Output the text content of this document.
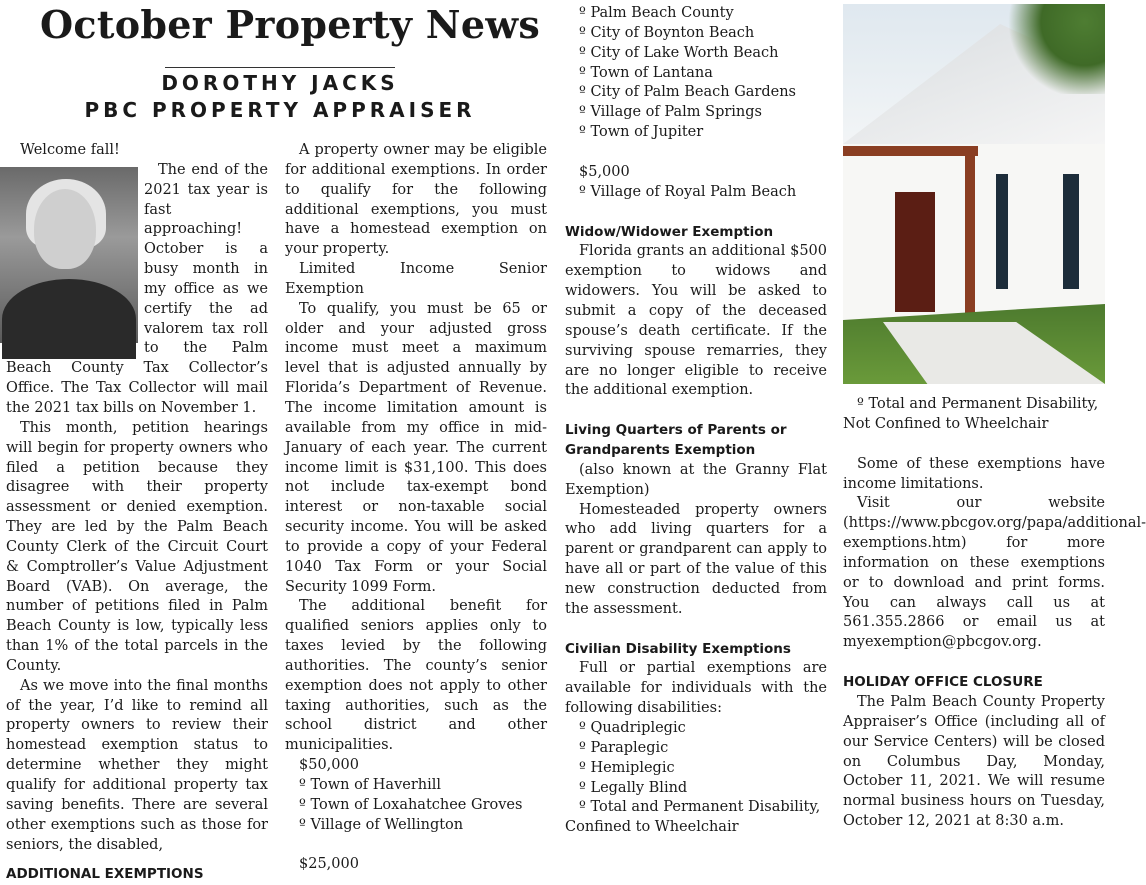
October Property News
DOROTHY JACKS
PBC PROPERTY APPRAISER

Welcome fall!

The end of the 2021 tax year is fast approaching! October is a busy month in my office as we certify the ad valorem tax roll to the Palm Beach County Tax Collector’s Office. The Tax Collector will mail the 2021 tax bills on November 1.

This month, petition hearings will begin for property owners who filed a petition because they disagree with their property assessment or denied exemption. They are led by the Palm Beach County Clerk of the Circuit Court & Comptroller’s Value Adjustment Board (VAB). On average, the number of petitions filed in Palm Beach County is low, typically less than 1% of the total parcels in the County.

As we move into the final months of the year, I’d like to remind all property owners to review their homestead exemption status to determine whether they might qualify for additional property tax saving benefits. There are several other exemptions such as those for seniors, the disabled,

ADDITIONAL EXEMPTIONS

A property owner may be eligible for additional exemptions. In order to qualify for the following additional exemptions, you must have a homestead exemption on your property.

Limited Income Senior Exemption

To qualify, you must be 65 or older and your adjusted gross income must meet a maximum level that is adjusted annually by Florida’s Department of Revenue. The income limitation amount is available from my office in mid-January of each year. The current income limit is $31,100. This does not include tax-exempt bond interest or non-taxable social security income. You will be asked to provide a copy of your Federal 1040 Tax Form or your Social Security 1099 Form.

The additional benefit for qualified seniors applies only to taxes levied by the following authorities. The county’s senior exemption does not apply to other taxing authorities, such as the school district and other municipalities.

$50,000

º Town of Haverhill

º Town of Loxahatchee Groves

º Village of Wellington

$25,000

º Palm Beach County

º City of Boynton Beach

º City of Lake Worth Beach

º Town of Lantana

º City of Palm Beach Gardens

º Village of Palm Springs

º Town of Jupiter

$5,000

º Village of Royal Palm Beach

Widow/Widower Exemption

Florida grants an additional $500 exemption to widows and widowers. You will be asked to submit a copy of the deceased spouse’s death certificate. If the surviving spouse remarries, they are no longer eligible to receive the additional exemption.

Living Quarters of Parents or Grandparents Exemption

(also known at the Granny Flat Exemption)

Homesteaded property owners who add living quarters for a parent or grandparent can apply to have all or part of the value of this new construction deducted from the assessment.

Civilian Disability Exemptions

Full or partial exemptions are available for individuals with the following disabilities:

º Quadriplegic

º Paraplegic

º Hemiplegic

º Legally Blind

º Total and Permanent Disability, Confined to Wheelchair

º Total and Permanent Disability, Not Confined to Wheelchair

Some of these exemptions have income limitations.

Visit our website (https://www.pbcgov.org/papa/additional-exemptions.htm) for more information on these exemptions or to download and print forms. You can always call us at 561.355.2866 or email us at myexemption@pbcgov.org.

HOLIDAY OFFICE CLOSURE

The Palm Beach County Property Appraiser’s Office (including all of our Service Centers) will be closed on Columbus Day, Monday, October 11, 2021. We will resume normal business hours on Tuesday, October 12, 2021 at 8:30 a.m.
